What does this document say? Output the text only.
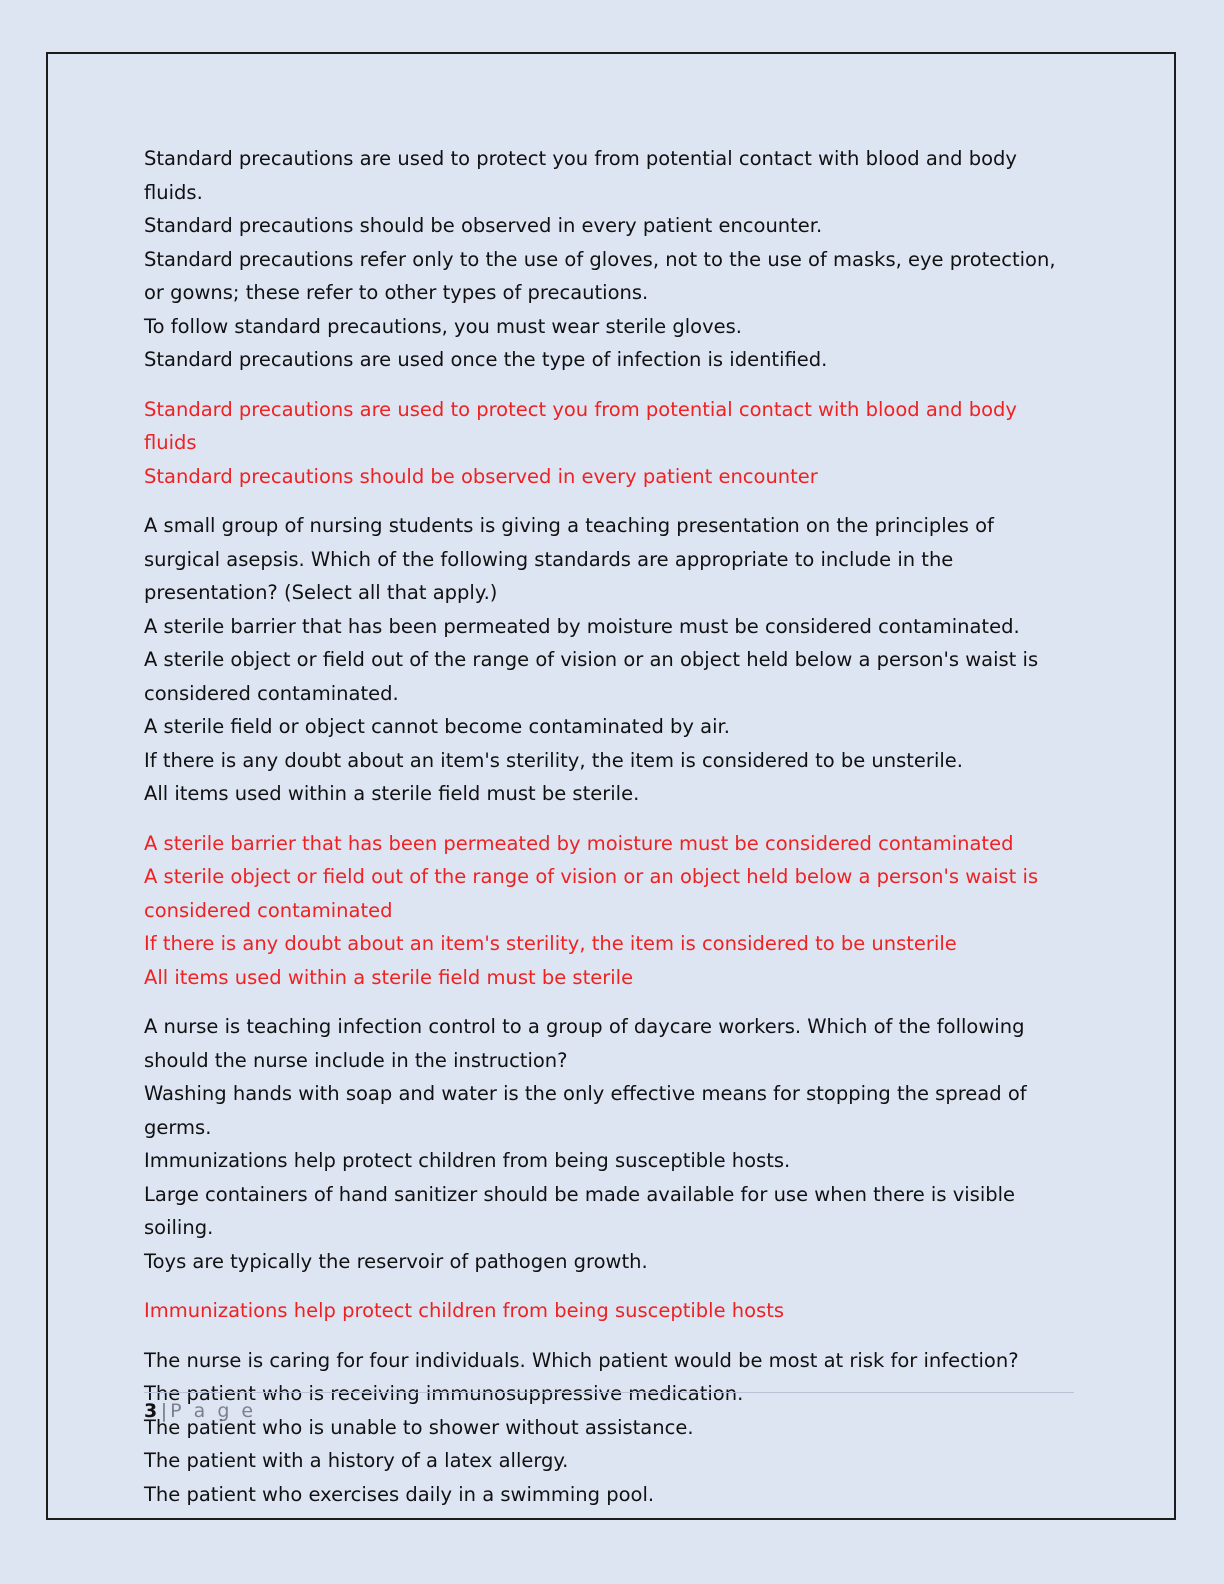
Standard precautions are used to protect you from potential contact with blood and body fluids.

Standard precautions should be observed in every patient encounter.

Standard precautions refer only to the use of gloves, not to the use of masks, eye protection, or gowns; these refer to other types of precautions.

To follow standard precautions, you must wear sterile gloves.

Standard precautions are used once the type of infection is identified.

Standard precautions are used to protect you from potential contact with blood and body fluids

Standard precautions should be observed in every patient encounter

A small group of nursing students is giving a teaching presentation on the principles of surgical asepsis. Which of the following standards are appropriate to include in the presentation? (Select all that apply.)

A sterile barrier that has been permeated by moisture must be considered contaminated.

A sterile object or field out of the range of vision or an object held below a person's waist is considered contaminated.

A sterile field or object cannot become contaminated by air.

If there is any doubt about an item's sterility, the item is considered to be unsterile.

All items used within a sterile field must be sterile.

A sterile barrier that has been permeated by moisture must be considered contaminated

A sterile object or field out of the range of vision or an object held below a person's waist is considered contaminated

If there is any doubt about an item's sterility, the item is considered to be unsterile

All items used within a sterile field must be sterile

A nurse is teaching infection control to a group of daycare workers. Which of the following should the nurse include in the instruction?

Washing hands with soap and water is the only effective means for stopping the spread of germs.

Immunizations help protect children from being susceptible hosts.

Large containers of hand sanitizer should be made available for use when there is visible soiling.

Toys are typically the reservoir of pathogen growth.

Immunizations help protect children from being susceptible hosts

The nurse is caring for four individuals. Which patient would be most at risk for infection?

The patient who is receiving immunosuppressive medication.

The patient who is unable to shower without assistance.

The patient with a history of a latex allergy.

The patient who exercises daily in a swimming pool.

3 | P a g e
